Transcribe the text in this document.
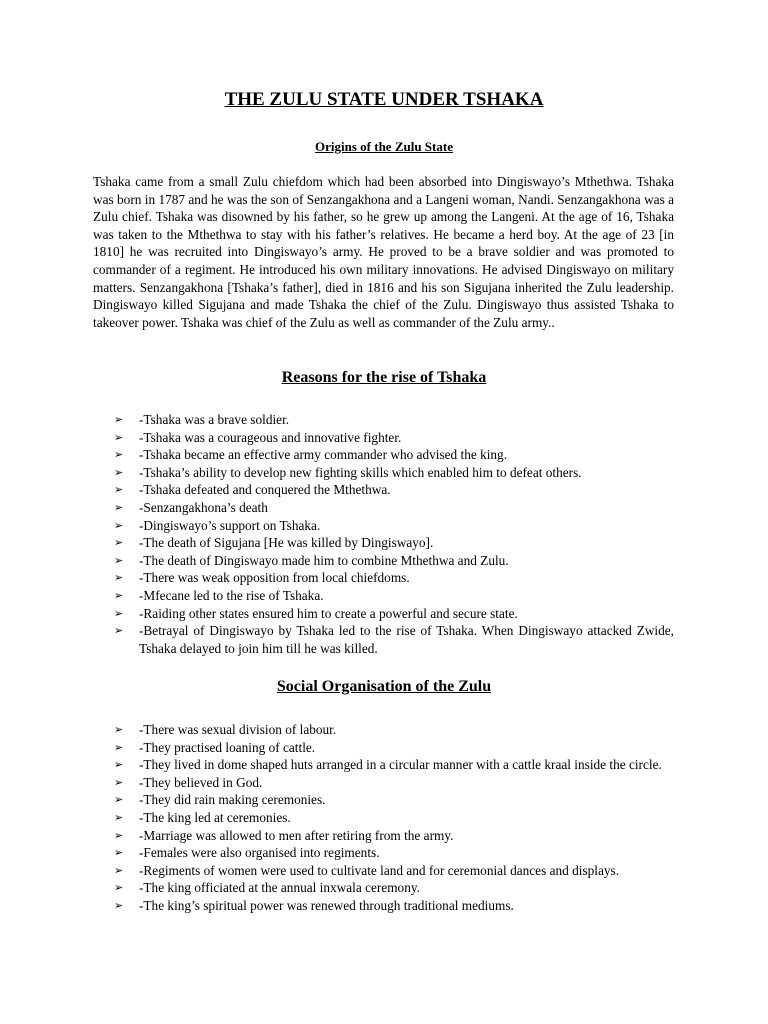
THE ZULU STATE UNDER TSHAKA
Origins of the Zulu State

Tshaka came from a small Zulu chiefdom which had been absorbed into Dingiswayo’s Mthethwa. Tshaka was born in 1787 and he was the son of Senzangakhona and a Langeni woman, Nandi. Senzangakhona was a Zulu chief. Tshaka was disowned by his father, so he grew up among the Langeni. At the age of 16, Tshaka was taken to the Mthethwa to stay with his father’s relatives. He became a herd boy. At the age of 23 [in 1810] he was recruited into Dingiswayo’s army. He proved to be a brave soldier and was promoted to commander of a regiment. He introduced his own military innovations. He advised Dingiswayo on military matters. Senzangakhona [Tshaka’s father], died in 1816 and his son Sigujana inherited the Zulu leadership. Dingiswayo killed Sigujana and made Tshaka the chief of the Zulu. Dingiswayo thus assisted Tshaka to takeover power. Tshaka was chief of the Zulu as well as commander of the Zulu army..

Reasons for the rise of Tshaka
➢	-Tshaka was a brave soldier.
➢	-Tshaka was a courageous and innovative fighter.
➢	-Tshaka became an effective army commander who advised the king.
➢	-Tshaka’s ability to develop new fighting skills which enabled him to defeat others.
➢	-Tshaka defeated and conquered the Mthethwa.
➢	-Senzangakhona’s death
➢	-Dingiswayo’s support on Tshaka.
➢	-The death of Sigujana [He was killed by Dingiswayo].
➢	-The death of Dingiswayo made him to combine Mthethwa and Zulu.
➢	-There was weak opposition from local chiefdoms.
➢	-Mfecane led to the rise of Tshaka.
➢	-Raiding other states ensured him to create a powerful and secure state.
➢	-Betrayal of Dingiswayo by Tshaka led to the rise of Tshaka. When Dingiswayo attacked Zwide, Tshaka delayed to join him till he was killed.
Social Organisation of the Zulu
➢	-There was sexual division of labour.
➢	-They practised loaning of cattle.
➢	-They lived in dome shaped huts arranged in a circular manner with a cattle kraal inside the circle.
➢	-They believed in God.
➢	-They did rain making ceremonies.
➢	-The king led at ceremonies.
➢	-Marriage was allowed to men after retiring from the army.
➢	-Females were also organised into regiments.
➢	-Regiments of women were used to cultivate land and for ceremonial dances and displays.
➢	-The king officiated at the annual inxwala ceremony.
➢	-The king’s spiritual power was renewed through traditional mediums.
